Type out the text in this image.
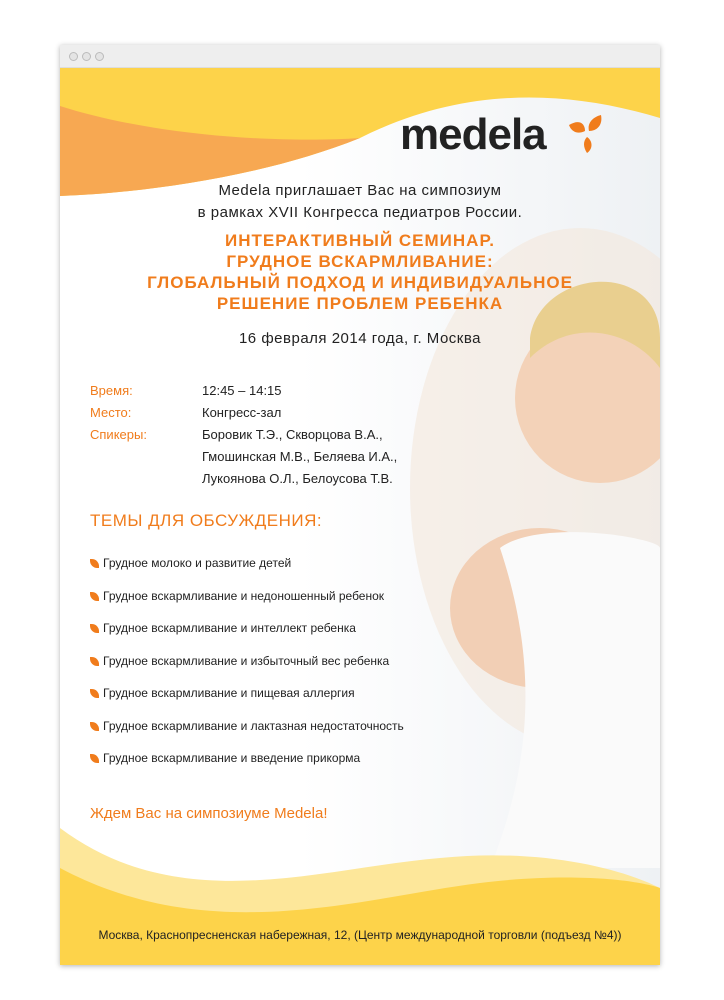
medela
Medela приглашает Вас на симпозиум
в рамках XVII Конгресса педиатров России.
ИНТЕРАКТИВНЫЙ СЕМИНАР.
ГРУДНОЕ ВСКАРМЛИВАНИЕ:
ГЛОБАЛЬНЫЙ ПОДХОД И ИНДИВИДУАЛЬНОЕ
РЕШЕНИЕ ПРОБЛЕМ РЕБЕНКА
16 февраля 2014 года, г. Москва
Время:	12:45 – 14:15
Место:	Конгресс-зал
Спикеры:	Боровик Т.Э., Скворцова В.А.,
Гмошинская М.В., Беляева И.А.,
Лукоянова О.Л., Белоусова Т.В.
ТЕМЫ ДЛЯ ОБСУЖДЕНИЯ:
Грудное молоко и развитие детей
Грудное вскармливание и недоношенный ребенок
Грудное вскармливание и интеллект ребенка
Грудное вскармливание и избыточный вес ребенка
Грудное вскармливание и пищевая аллергия
Грудное вскармливание и лактазная недостаточность
Грудное вскармливание и введение прикорма
Ждем Вас на симпозиуме Medela!
Москва, Краснопресненская набережная, 12, (Центр международной торговли (подъезд №4))
